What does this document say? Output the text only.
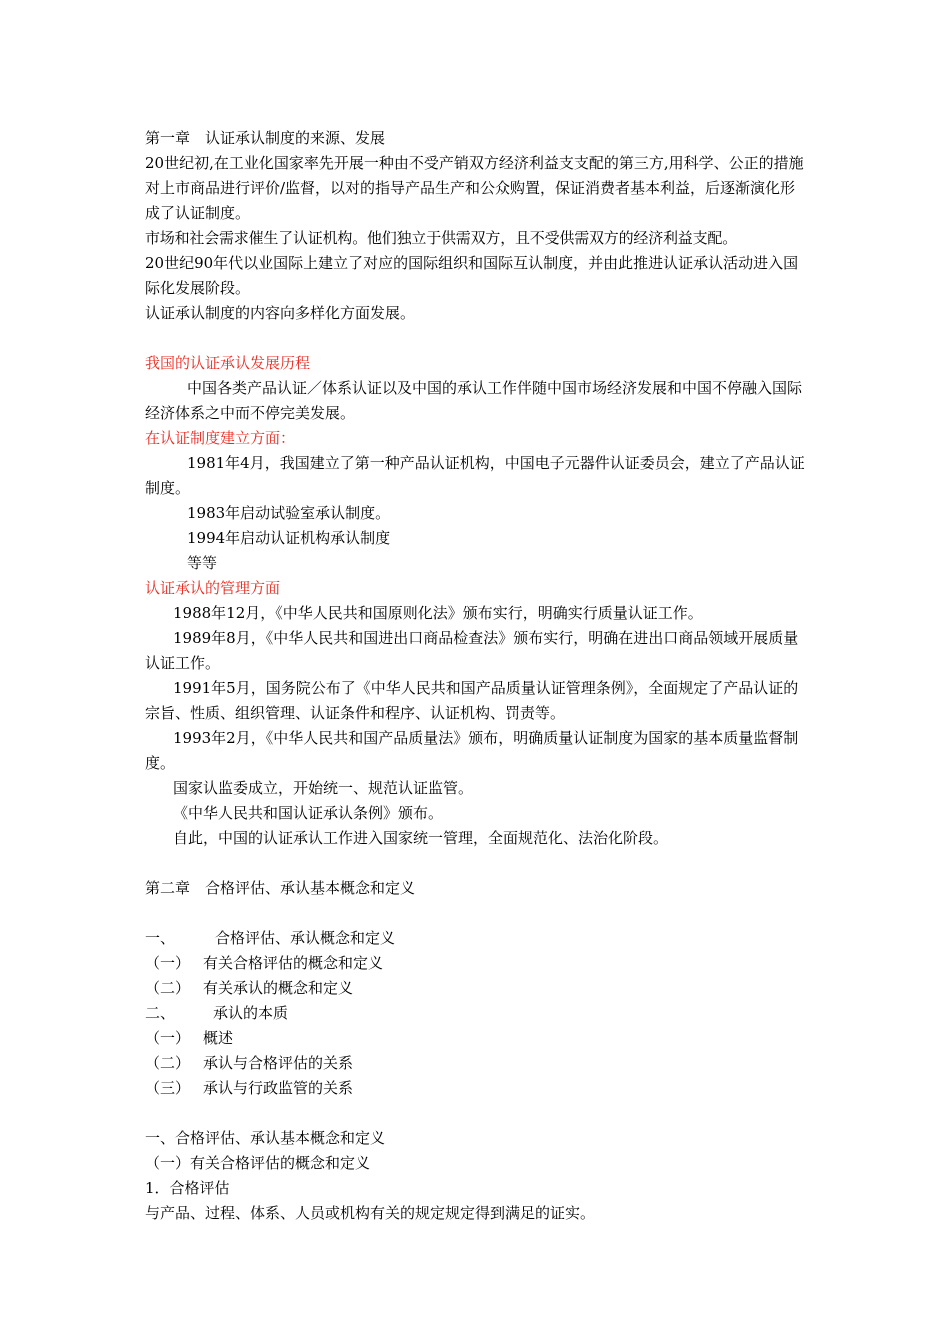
第一章　认证承认制度的来源、发展

20世纪初,在工业化国家率先开展一种由不受产销双方经济利益支支配的第三方,用科学、公正的措施对上市商品进行评价/监督，以对的指导产品生产和公众购置，保证消费者基本利益，后逐渐演化形成了认证制度。

市场和社会需求催生了认证机构。他们独立于供需双方，且不受供需双方的经济利益支配。

20世纪90年代以业国际上建立了对应的国际组织和国际互认制度，并由此推进认证承认活动进入国际化发展阶段。

认证承认制度的内容向多样化方面发展。

我国的认证承认发展历程

中国各类产品认证／体系认证以及中国的承认工作伴随中国市场经济发展和中国不停融入国际经济体系之中而不停完美发展。

在认证制度建立方面：

1981年4月，我国建立了第一种产品认证机构，中国电子元器件认证委员会，建立了产品认证制度。

1983年启动试验室承认制度。

1994年启动认证机构承认制度

等等

认证承认的管理方面

1988年12月，《中华人民共和国原则化法》颁布实行，明确实行质量认证工作。

1989年8月，《中华人民共和国进出口商品检查法》颁布实行，明确在进出口商品领域开展质量认证工作。

1991年5月，国务院公布了《中华人民共和国产品质量认证管理条例》，全面规定了产品认证的宗旨、性质、组织管理、认证条件和程序、认证机构、罚责等。

1993年2月，《中华人民共和国产品质量法》颁布，明确质量认证制度为国家的基本质量监督制度。

国家认监委成立，开始统一、规范认证监管。

《中华人民共和国认证承认条例》颁布。

自此，中国的认证承认工作进入国家统一管理，全面规范化、法治化阶段。

第二章　合格评估、承认基本概念和定义

一、	合格评估、承认概念和定义

（一） 有关合格评估的概念和定义

（二） 有关承认的概念和定义

二、	承认的本质

（一） 概述

（二） 承认与合格评估的关系

（三） 承认与行政监管的关系

一、合格评估、承认基本概念和定义

（一）有关合格评估的概念和定义

1．合格评估

与产品、过程、体系、人员或机构有关的规定规定得到满足的证实。
